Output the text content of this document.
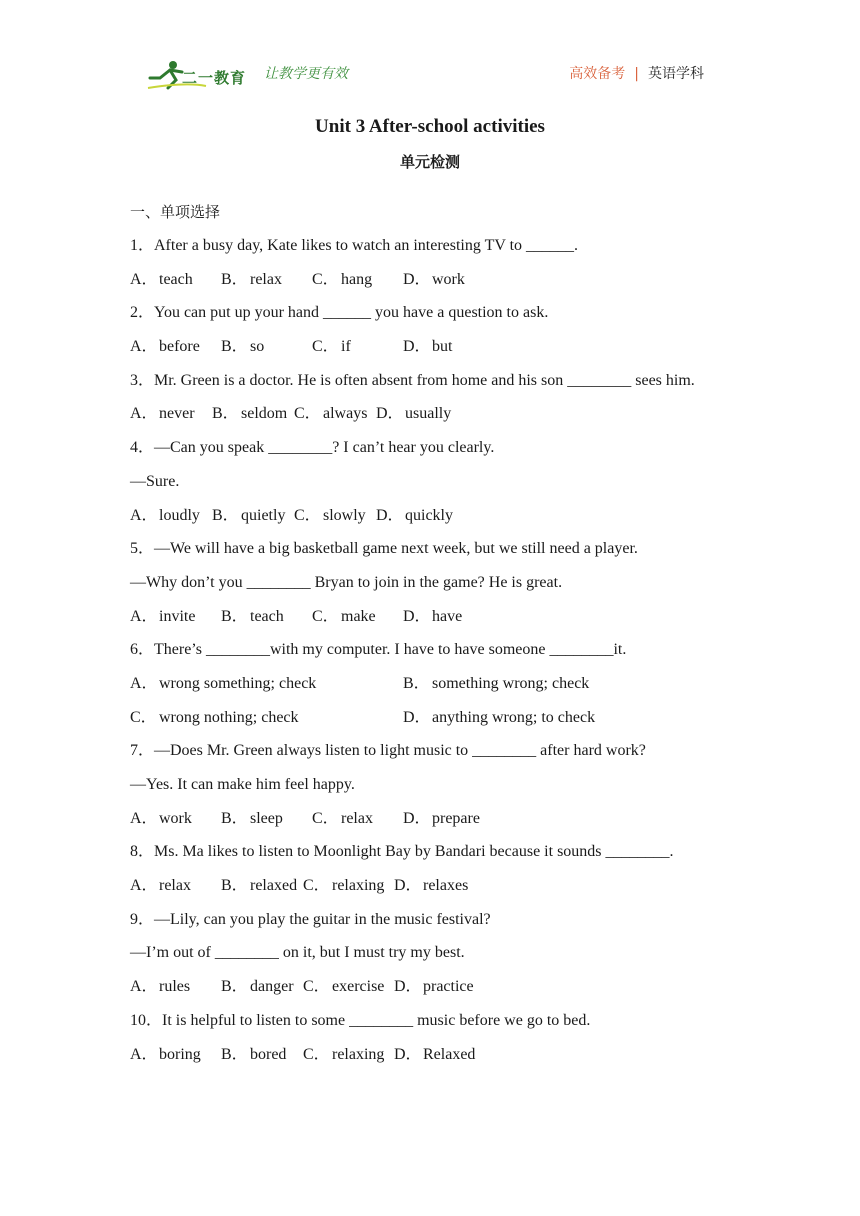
二一教育 让教学更有效	高效备考 | 英语学科
Unit 3 After-school activities
单元检测
一、单项选择
1．After a busy day, Kate likes to watch an interesting TV to ______.
A．teach B． relax C． hang D．work
2．You can put up your hand ______ you have a question to ask.
A．before B． so	C． if	D．but
3．Mr. Green is a doctor. He is often absent from home and his son ________ sees him.
A．never B． seldom C． always D．usually
4．—Can you speak ________? I can’t hear you clearly.
—Sure.
A．loudly B． quietly C． slowly D．quickly
5．—We will have a big basketball game next week, but we still need a player.
—Why don’t you ________ Bryan to join in the game? He is great.
A．invite B． teach C． make D．have
6．There’s ________with my computer. I have to have someone ________it.
A．wrong something; check	B． something wrong; check
C． wrong nothing; check	D．anything wrong; to check
7．—Does Mr. Green always listen to light music to ________ after hard work?
—Yes. It can make him feel happy.
A．work B． sleep C． relax D．prepare
8．Ms. Ma likes to listen to Moonlight Bay by Bandari because it sounds ________.
A．relax B． relaxed C． relaxing D．relaxes
9．—Lily, can you play the guitar in the music festival?
—I’m out of ________ on it, but I must try my best.
A．rules B． danger C． exercise D．practice
10．It is helpful to listen to some ________ music before we go to bed.
A．boring B． bored C． relaxing D．Relaxed
